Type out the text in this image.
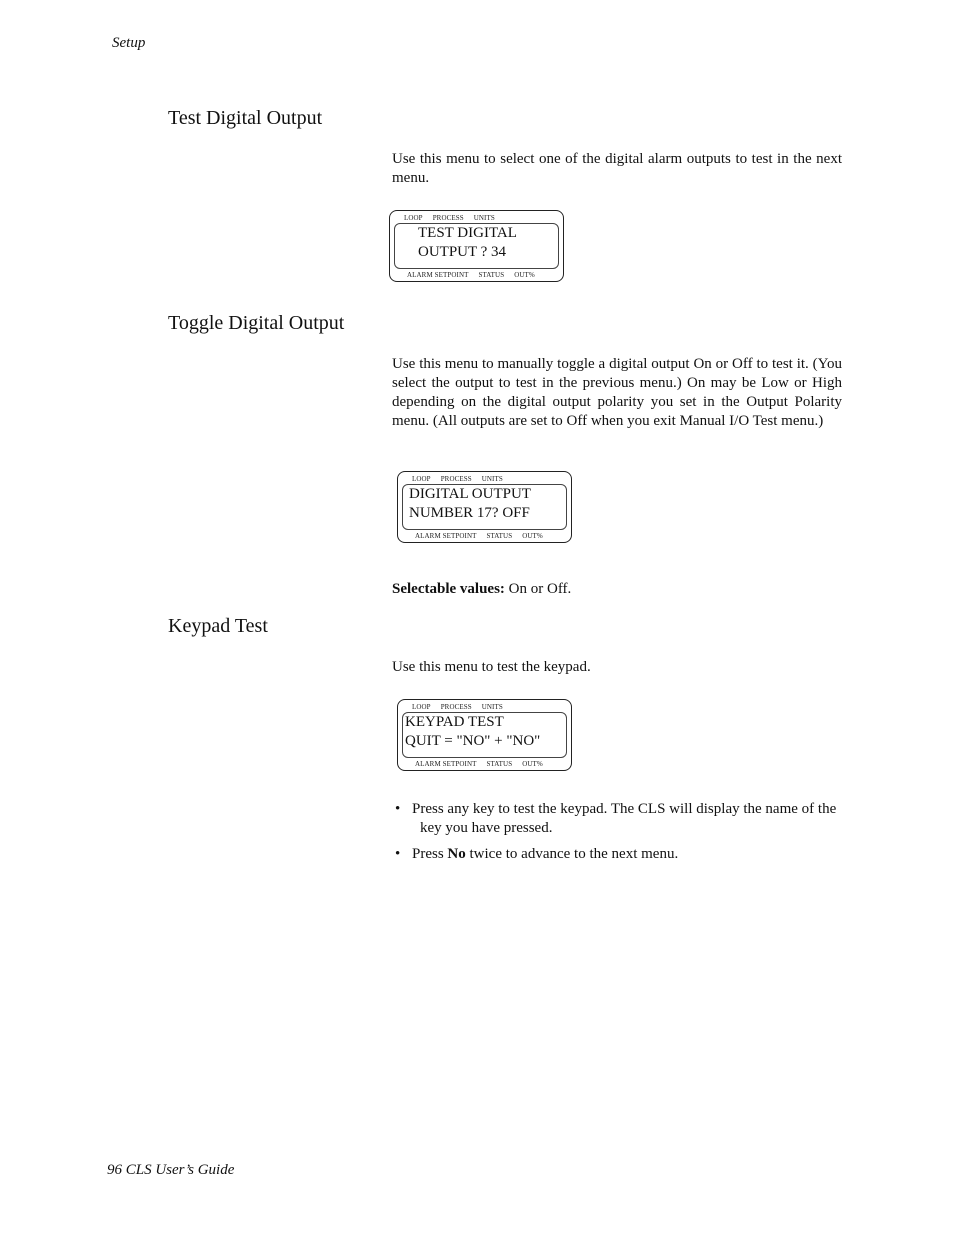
Setup
Test Digital Output

Use this menu to select one of the digital alarm outputs to test in the next menu.

LOOP PROCESS UNITS
TEST DIGITAL
OUTPUT ? 34
ALARM SETPOINT STATUS OUT%
Toggle Digital Output

Use this menu to manually toggle a digital output On or Off to test it. (You select the output to test in the previous menu.) On may be Low or High depending on the digital output polarity you set in the Output Polarity menu. (All outputs are set to Off when you exit Manual I/O Test menu.)

LOOP PROCESS UNITS
DIGITAL OUTPUT
NUMBER 17? OFF
ALARM SETPOINT STATUS OUT%

Selectable values: On or Off.

Keypad Test

Use this menu to test the keypad.

LOOP PROCESS UNITS
KEYPAD TEST
QUIT = "NO" + "NO"
ALARM SETPOINT STATUS OUT%
• Press any key to test the keypad. The CLS will display the name of the key you have pressed.
• Press No twice to advance to the next menu.
96 CLS User’s Guide
